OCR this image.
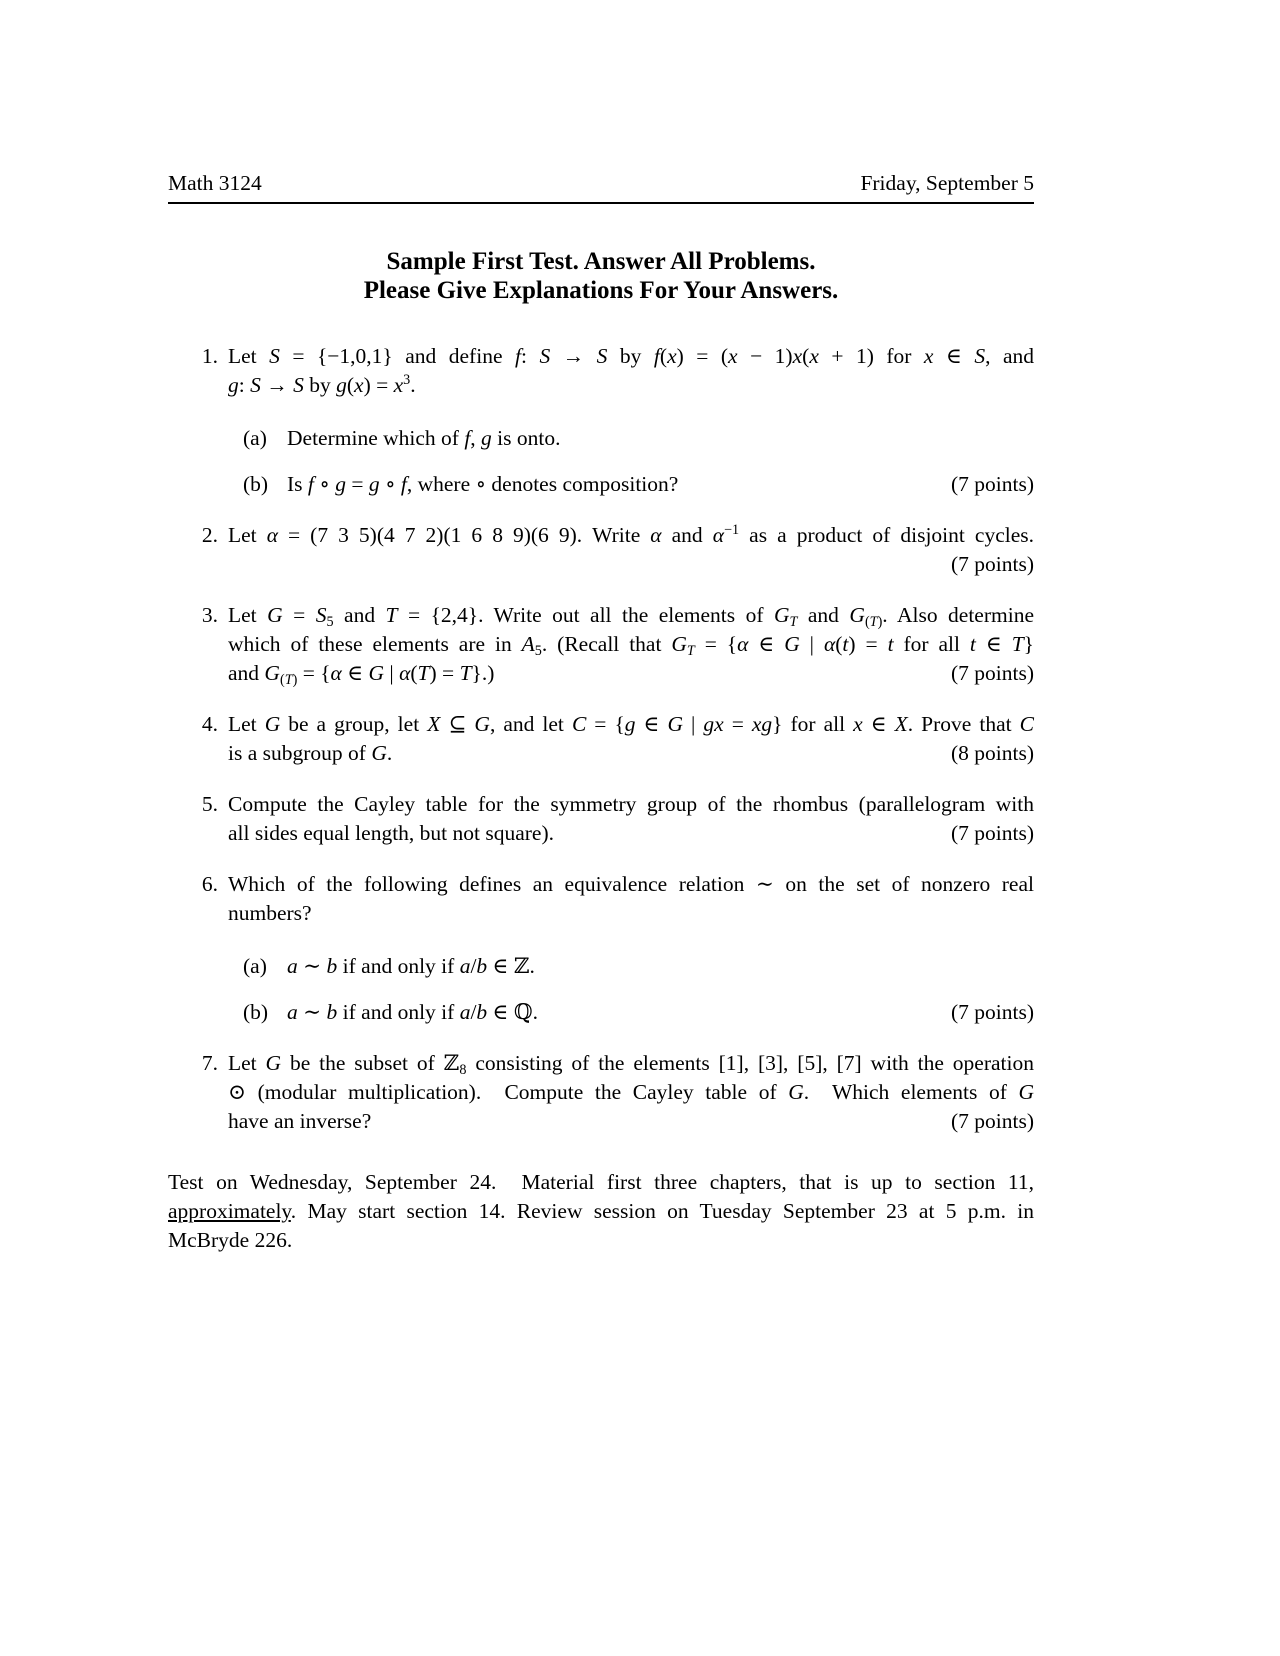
Math 3124	Friday, September 5
Sample First Test. Answer All Problems.
Please Give Explanations For Your Answers.
1. Let S = {−1,0,1} and define f: S → S by f(x) = (x − 1)x(x + 1) for x ∈ S, and
g: S → S by $g(x) = x^3$.
(a) Determine which of f, g is onto.
(b) Is f ∘ g = g ∘ f, where ∘ denotes composition?	(7 points)
2. Let α = (7 3 5)(4 7 2)(1 6 8 9)(6 9). Write α and $\alpha^{-1}$ as a product of disjoint cycles.
(7 points)
3. Let G = S5 and T = {2,4}. Write out all the elements of GT and G(T). Also determine
which of these elements are in A5. (Recall that GT = {α ∈ G | α(t) = t for all t ∈ T}
and G(T) = {α ∈ G | α(T) = T}.)	(7 points)
4. Let G be a group, let X ⊆ G, and let C = {g ∈ G | gx = xg} for all x ∈ X. Prove that C
is a subgroup of G.	(8 points)
5. Compute the Cayley table for the symmetry group of the rhombus (parallelogram with
all sides equal length, but not square).	(7 points)
6. Which of the following defines an equivalence relation ∼ on the set of nonzero real
numbers?
(a) a ∼ b if and only if a/b ∈ ℤ.
(b) a ∼ b if and only if a/b ∈ ℚ.	(7 points)
7. Let G be the subset of ℤ8 consisting of the elements [1], [3], [5], [7] with the operation
⊙ (modular multiplication).  Compute the Cayley table of G.  Which elements of G
have an inverse?	(7 points)
Test on Wednesday, September 24.  Material first three chapters, that is up to section 11,
approximately. May start section 14. Review session on Tuesday September 23 at 5 p.m. in
McBryde 226.
